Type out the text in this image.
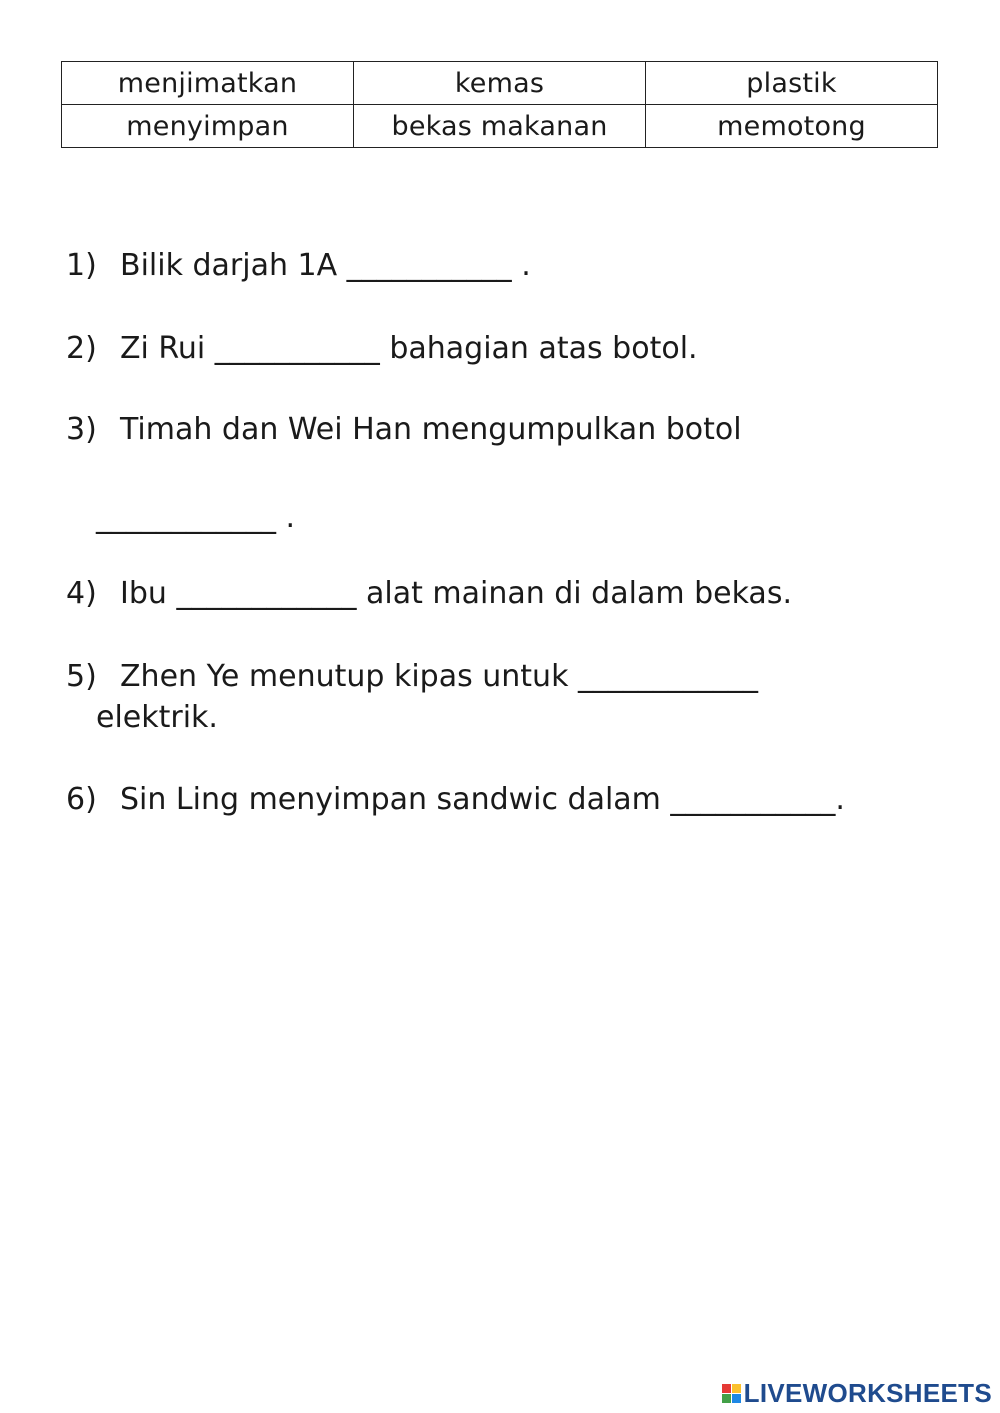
menjimatkan	kemas	plastik
menyimpan	bekas makanan	memotong
1) Bilik darjah 1A ___________ .
2) Zi Rui ___________ bahagian atas botol.
3) Timah dan Wei Han mengumpulkan botol
____________ .
4) Ibu ____________ alat mainan di dalam bekas.
5) Zhen Ye menutup kipas untuk ____________
elektrik.
6) Sin Ling menyimpan sandwic dalam ___________.
LIVEWORKSHEETS
